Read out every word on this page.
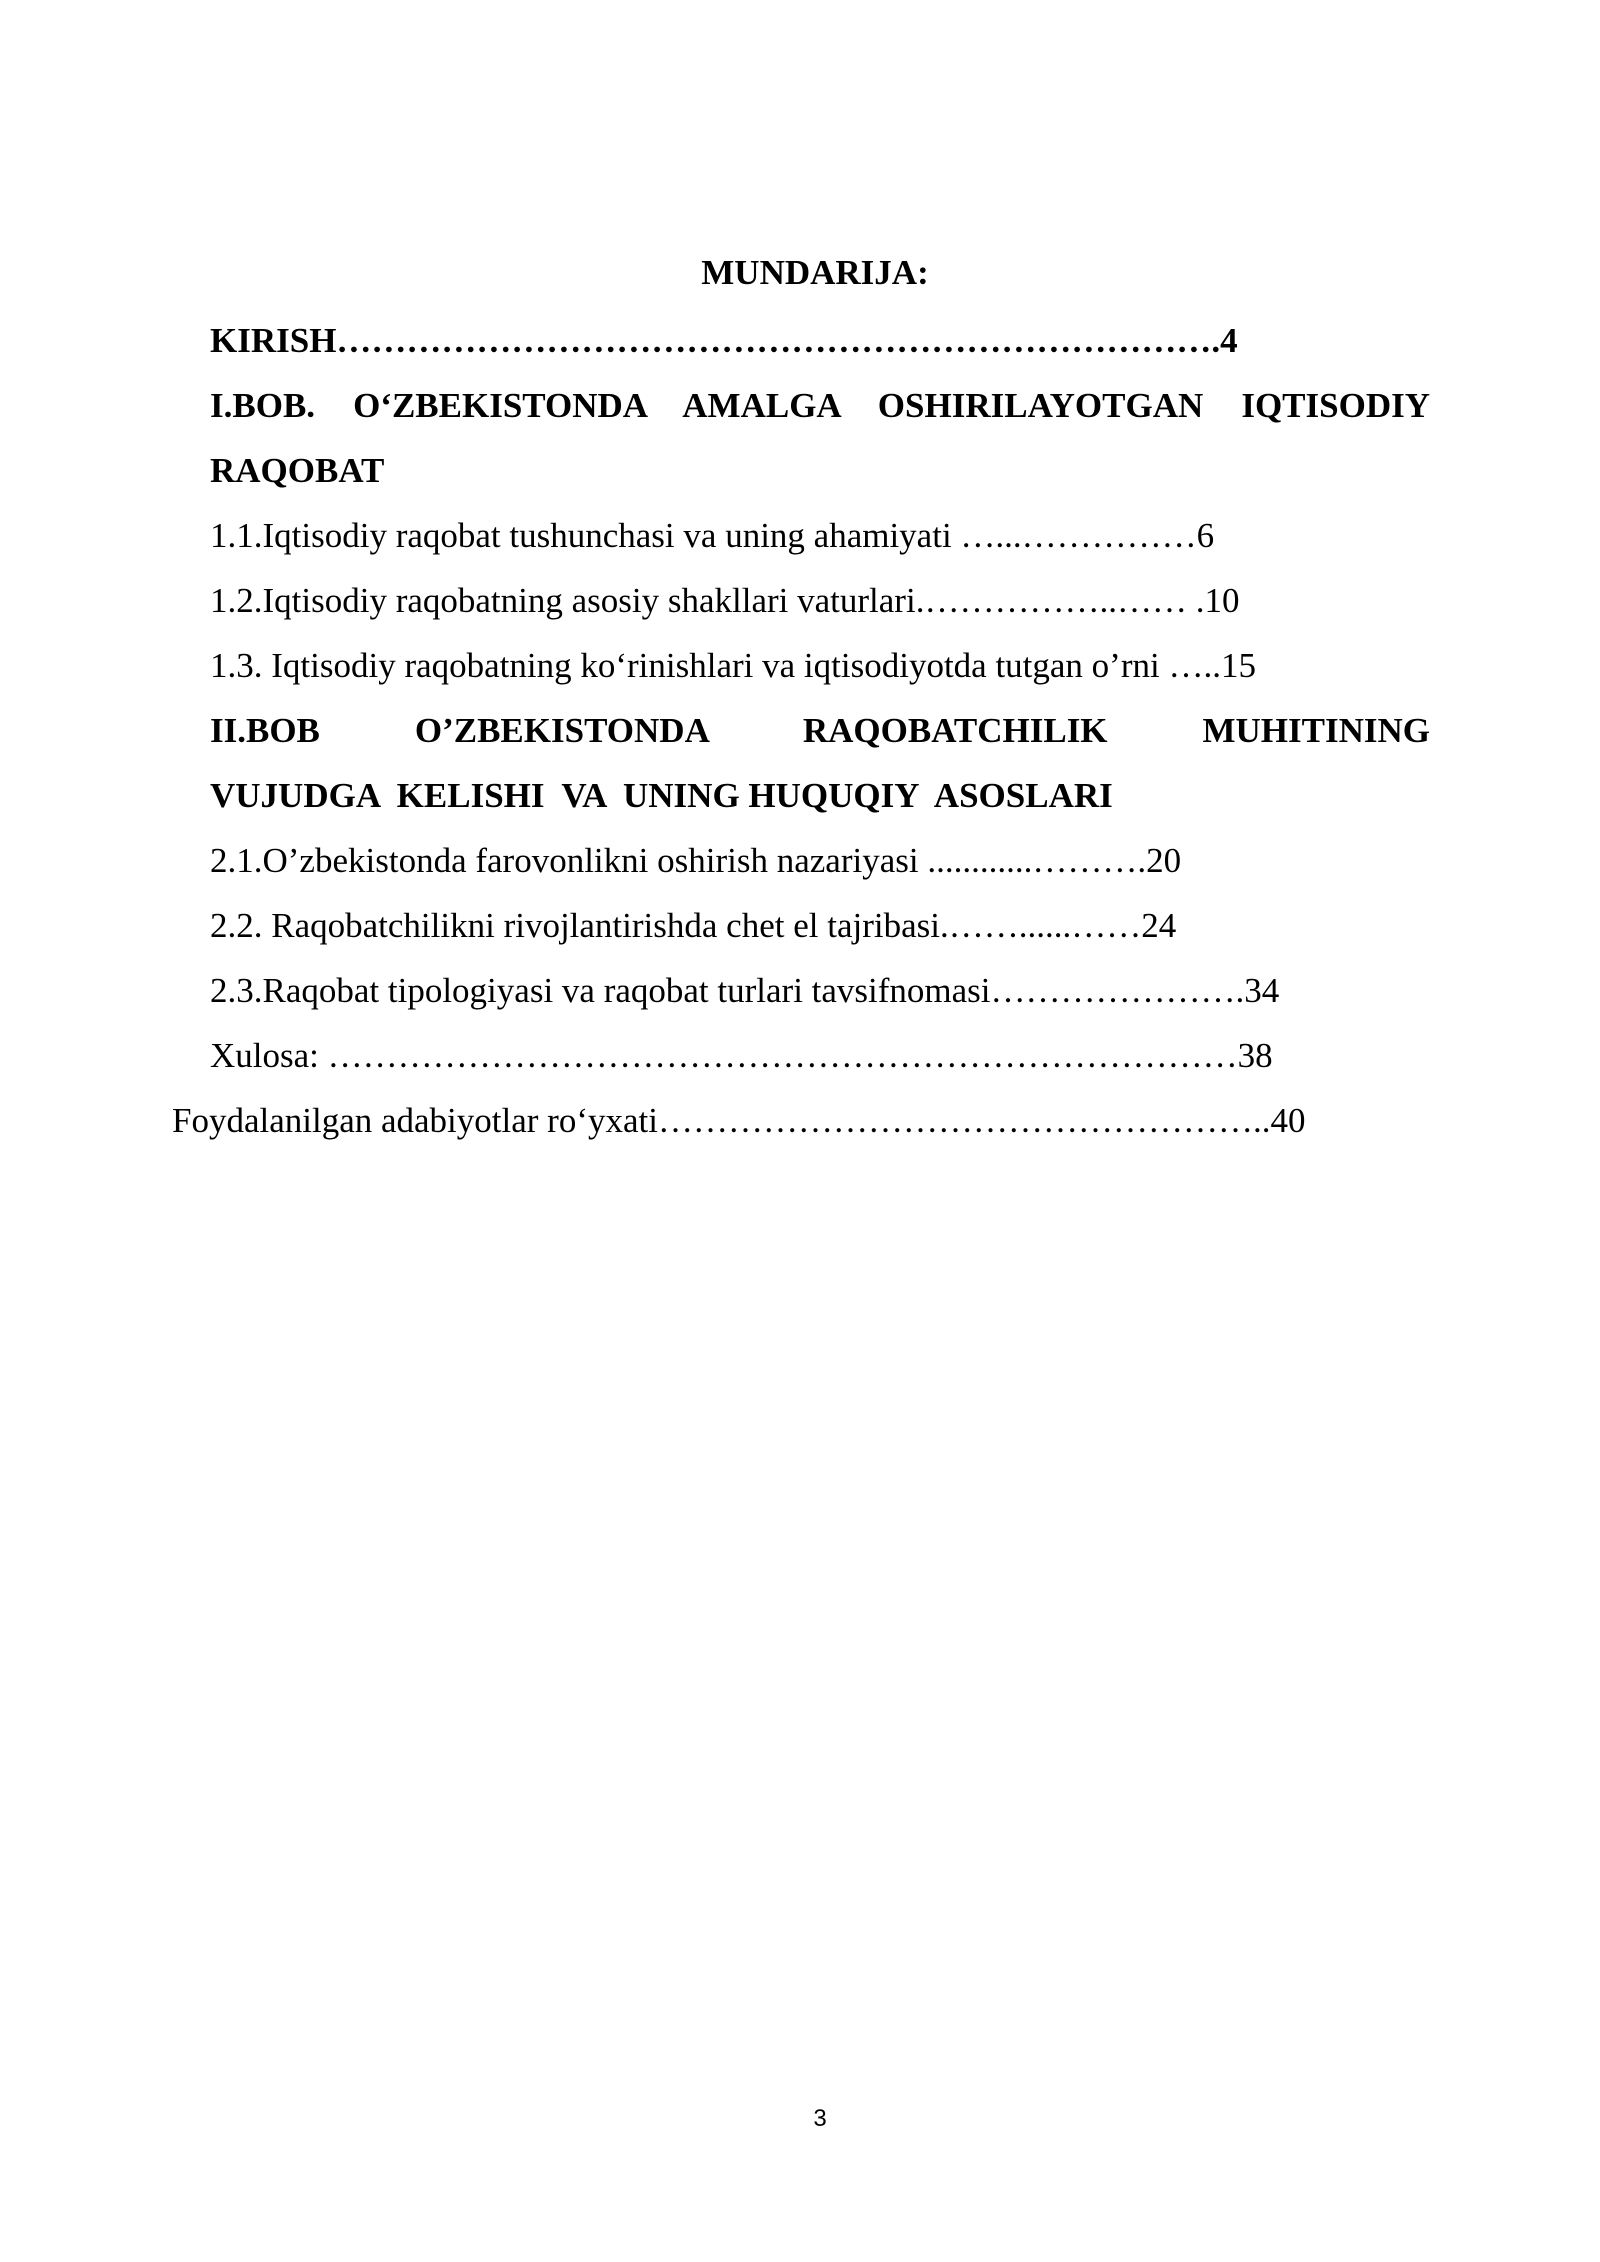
MUNDARIJA:
KIRISH………………………………………………………………….4
I.BOB. O‘ZBEKISTONDA AMALGA OSHIRILAYOTGAN IQTISODIY
RAQOBAT
1.1.Iqtisodiy raqobat tushunchasi va uning ahamiyati …...……………6
1.2.Iqtisodiy raqobatning asosiy shakllari vaturlari.……………..…… .10
1.3. Iqtisodiy raqobatning ko‘rinishlari va iqtisodiyotda tutgan o’rni …..15
II.BOB O’ZBEKISTONDA RAQOBATCHILIK MUHITINING
VUJUDGA  KELISHI  VA  UNING HUQUQIY  ASOSLARI
2.1.O’zbekistonda farovonlikni oshirish nazariyasi ............……….20
2.2. Raqobatchilikni rivojlantirishda chet el tajribasi.……......……24
2.3.Raqobat tipologiyasi va raqobat turlari tavsifnomasi………………….34
Xulosa: ……………………………………………………………………38
Foydalanilgan adabiyotlar ro‘yxati……………………………………………..40
3
